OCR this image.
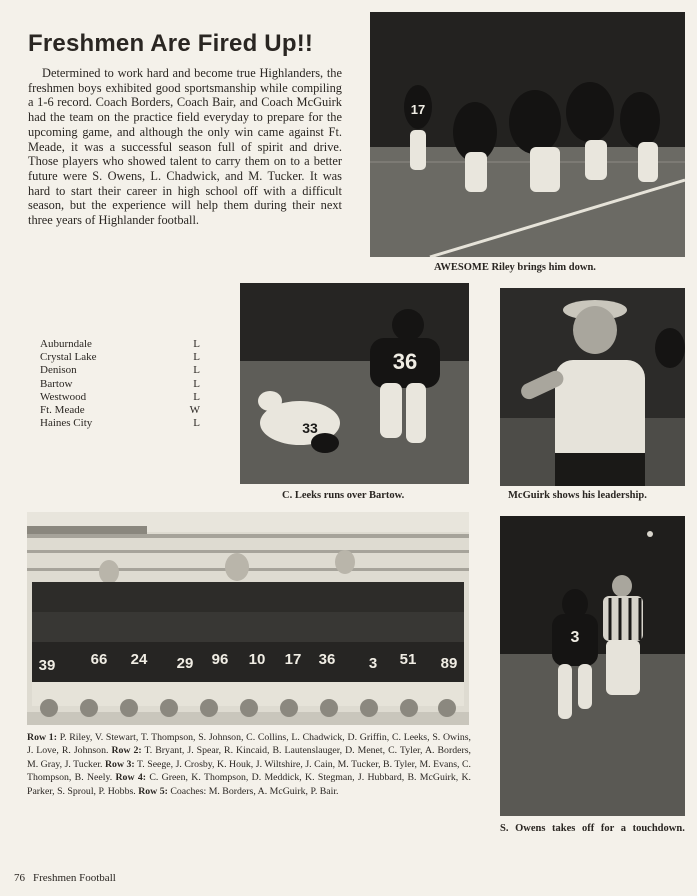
Freshmen Are Fired Up!!

Determined to work hard and become true Highlanders, the freshmen boys exhibited good sportsmanship while compiling a 1-6 record. Coach Borders, Coach Bair, and Coach McGuirk had the team on the practice field everyday to prepare for the upcoming game, and although the only win came against Ft. Meade, it was a successful season full of spirit and drive. Those players who showed talent to carry them on to a better future were S. Owens, L. Chadwick, and M. Tucker. It was hard to start their career in high school off with a difficult season, but the experience will help them during their next three years of Highlander football.

17
AWESOME Riley brings him down.
Auburndale	L
Crystal Lake	L
Denison	L
Bartow	L
Westwood	L
Ft. Meade	W
Haines City	L
36
33
C. Leeks runs over Bartow.	McGuirk shows his leadership.
39 66 24 29 96 10 17 36 3 51 89

Row 1: P. Riley, V. Stewart, T. Thompson, S. Johnson, C. Collins, L. Chadwick, D. Griffin, C. Leeks, S. Owins, J. Love, R. Johnson. Row 2: T. Bryant, J. Spear, R. Kincaid, B. Lautenslauger, D. Menet, C. Tyler, A. Borders, M. Gray, J. Tucker. Row 3: T. Seege, J. Crosby, K. Houk, J. Wiltshire, J. Cain, M. Tucker, B. Tyler, M. Evans, C. Thompson, B. Neely. Row 4: C. Green, K. Thompson, D. Meddick, K. Stegman, J. Hubbard, B. McGuirk, K. Parker, S. Sproul, P. Hobbs. Row 5: Coaches: M. Borders, A. McGuirk, P. Bair.

3
S. Owens takes off for a touchdown.
76 Freshmen Football
